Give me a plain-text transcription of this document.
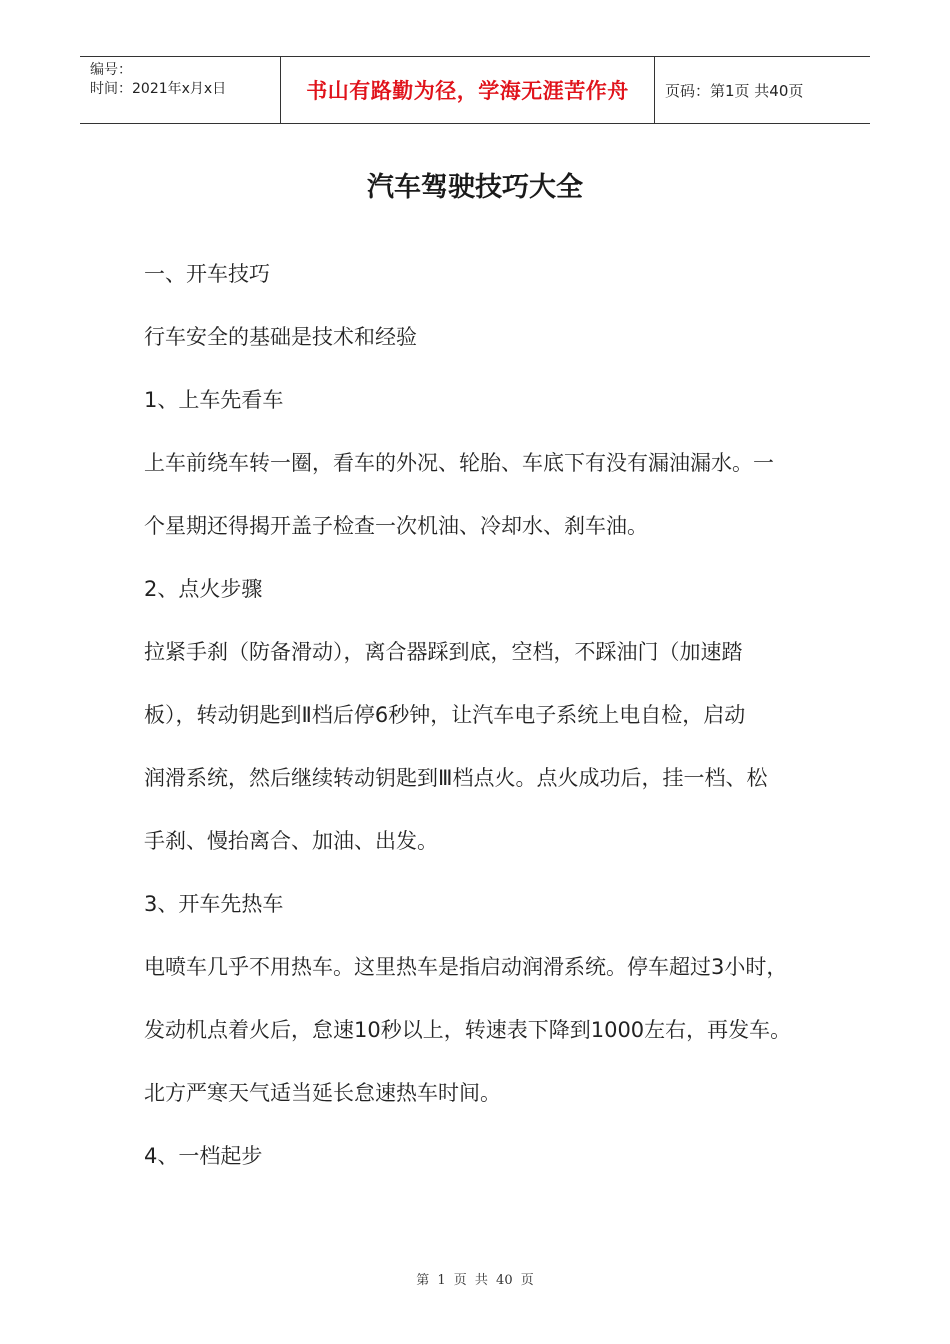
编号：
时间：2021年x月x日	书山有路勤为径，学海无涯苦作舟 页码：第1页 共40页
汽车驾驶技巧大全
一、开车技巧
行车安全的基础是技术和经验
1、上车先看车
上车前绕车转一圈，看车的外况、轮胎、车底下有没有漏油漏水。一
个星期还得揭开盖子检查一次机油、冷却水、刹车油。
2、点火步骤
拉紧手刹（防备滑动），离合器踩到底，空档，不踩油门（加速踏
板），转动钥匙到Ⅱ档后停6秒钟，让汽车电子系统上电自检，启动
润滑系统，然后继续转动钥匙到Ⅲ档点火。点火成功后，挂一档、松
手刹、慢抬离合、加油、出发。
3、开车先热车
电喷车几乎不用热车。这里热车是指启动润滑系统。停车超过3小时，
发动机点着火后，怠速10秒以上，转速表下降到1000左右，再发车。
北方严寒天气适当延长怠速热车时间。
4、一档起步
第 1 页 共 40 页
